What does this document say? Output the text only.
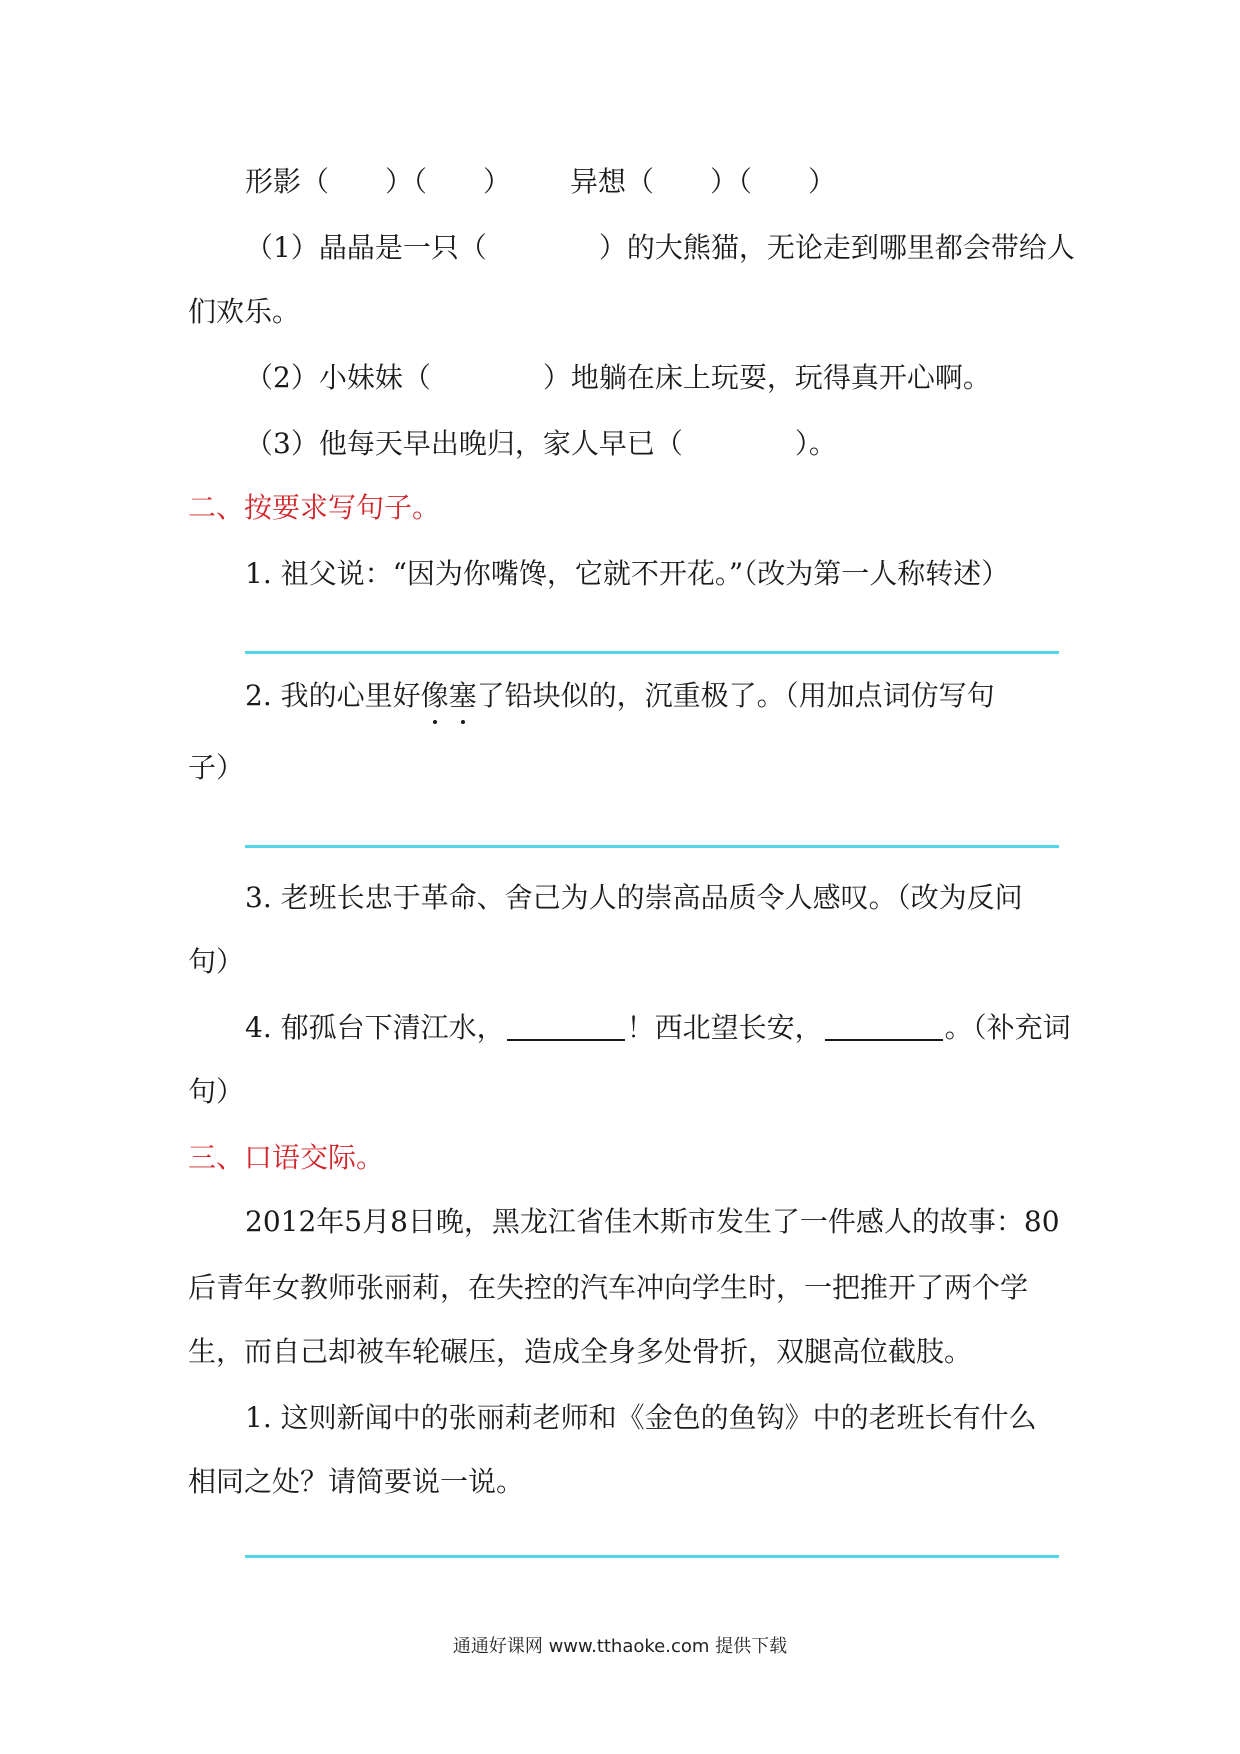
形影（　　）（　　） 异想（　　）（　　）

（1）晶晶是一只（　　　　）的大熊猫，无论走到哪里都会带给人

们欢乐。

（2）小妹妹（　　　　）地躺在床上玩耍，玩得真开心啊。

（3）他每天早出晚归，家人早已（　　　　）。

二、按要求写句子。

1. 祖父说：“因为你嘴馋，它就不开花。”（改为第一人称转述）

2. 我的心里好像塞了铅块似的，沉重极了。（用加点词仿写句

子）

3. 老班长忠于革命、舍己为人的崇高品质令人感叹。（改为反问

句）

4. 郁孤台下清江水，	！西北望长安，	。（补充词

句）

三、口语交际。

2012年5月8日晚，黑龙江省佳木斯市发生了一件感人的故事：80

后青年女教师张丽莉，在失控的汽车冲向学生时，一把推开了两个学

生，而自己却被车轮碾压，造成全身多处骨折，双腿高位截肢。

1. 这则新闻中的张丽莉老师和《金色的鱼钩》中的老班长有什么

相同之处？请简要说一说。

通通好课网 www.tthaoke.com 提供下载
